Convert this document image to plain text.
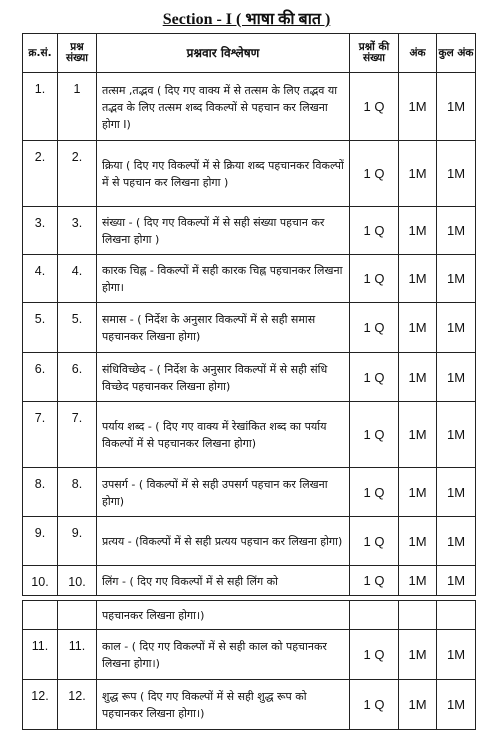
Section - I ( भाषा की बात )
क्र.सं.	प्रश्न संख्या	प्रश्नवार विश्लेषण	प्रश्नों की संख्या	अंक	कुल अंक
1.	1	तत्सम ,तद्भव ( दिए गए वाक्य में से तत्सम के लिए तद्भव या तद्भव के लिए तत्सम शब्द विकल्पों से पहचान कर लिखना होगा I)	1 Q	1M	1M
2.	2.	क्रिया ( दिए गए विकल्पों में से क्रिया शब्द पहचानकर विकल्पों में से पहचान कर लिखना होगा )	1 Q	1M	1M
3.	3.	संख्या - ( दिए गए विकल्पों में से सही संख्या पहचान कर लिखना होगा )	1 Q	1M	1M
4.	4.	कारक चिह्न - विकल्पों में सही कारक चिह्न पहचानकर लिखना होगा।	1 Q	1M	1M
5.	5.	समास - ( निर्देश के अनुसार विकल्पों में से सही समास पहचानकर लिखना होगा)	1 Q	1M	1M
6.	6.	संधिविच्छेद - ( निर्देश के अनुसार विकल्पों में से सही संधि विच्छेद पहचानकर लिखना होगा)	1 Q	1M	1M
7.	7.	पर्याय शब्द - ( दिए गए वाक्य में रेखांकित शब्द का पर्याय विकल्पों में से पहचानकर लिखना होगा)	1 Q	1M	1M
8.	8.	उपसर्ग - ( विकल्पों में से सही उपसर्ग पहचान कर लिखना होगा)	1 Q	1M	1M
9.	9.	प्रत्यय - (विकल्पों में से सही प्रत्यय पहचान कर लिखना होगा)	1 Q	1M	1M
10.	10.	लिंग - ( दिए गए विकल्पों में से सही लिंग को	1 Q	1M	1M
		पहचानकर लिखना होगा।)			
11.	11.	काल - ( दिए गए विकल्पों में से सही काल को पहचानकर लिखना होगा।)	1 Q	1M	1M
12.	12.	शुद्ध रूप ( दिए गए विकल्पों में से सही शुद्ध रूप को पहचानकर लिखना होगा।)	1 Q	1M	1M
